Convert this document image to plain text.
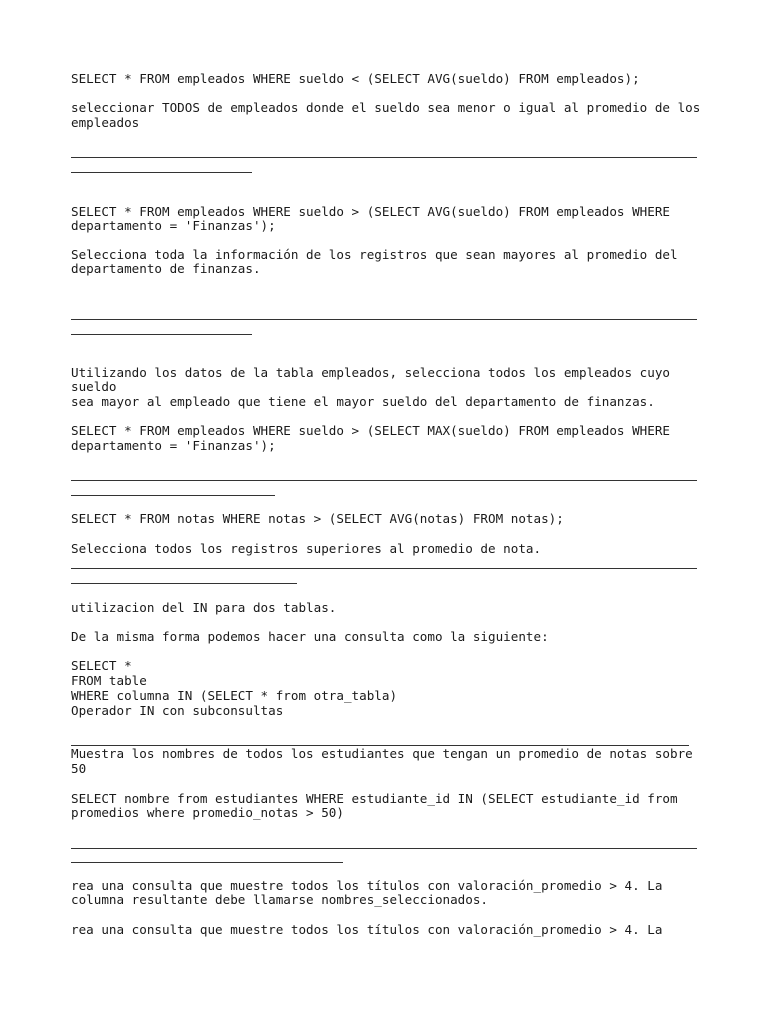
SELECT * FROM empleados WHERE sueldo < (SELECT AVG(sueldo) FROM empleados);
seleccionar TODOS de empleados donde el sueldo sea menor o igual al promedio de los
empleados
SELECT * FROM empleados WHERE sueldo > (SELECT AVG(sueldo) FROM empleados WHERE
departamento = 'Finanzas');
Selecciona toda la información de los registros que sean mayores al promedio del
departamento de finanzas.
Utilizando los datos de la tabla empleados, selecciona todos los empleados cuyo
sueldo
sea mayor al empleado que tiene el mayor sueldo del departamento de finanzas.
SELECT * FROM empleados WHERE sueldo > (SELECT MAX(sueldo) FROM empleados WHERE
departamento = 'Finanzas');
SELECT * FROM notas WHERE notas > (SELECT AVG(notas) FROM notas);
Selecciona todos los registros superiores al promedio de nota.
utilizacion del IN para dos tablas.
De la misma forma podemos hacer una consulta como la siguiente:
SELECT *
FROM table
WHERE columna IN (SELECT * from otra_tabla)
Operador IN con subconsultas
Muestra los nombres de todos los estudiantes que tengan un promedio de notas sobre
50
SELECT nombre from estudiantes WHERE estudiante_id IN (SELECT estudiante_id from
promedios where promedio_notas > 50)
rea una consulta que muestre todos los títulos con valoración_promedio > 4. La
columna resultante debe llamarse nombres_seleccionados.
rea una consulta que muestre todos los títulos con valoración_promedio > 4. La
